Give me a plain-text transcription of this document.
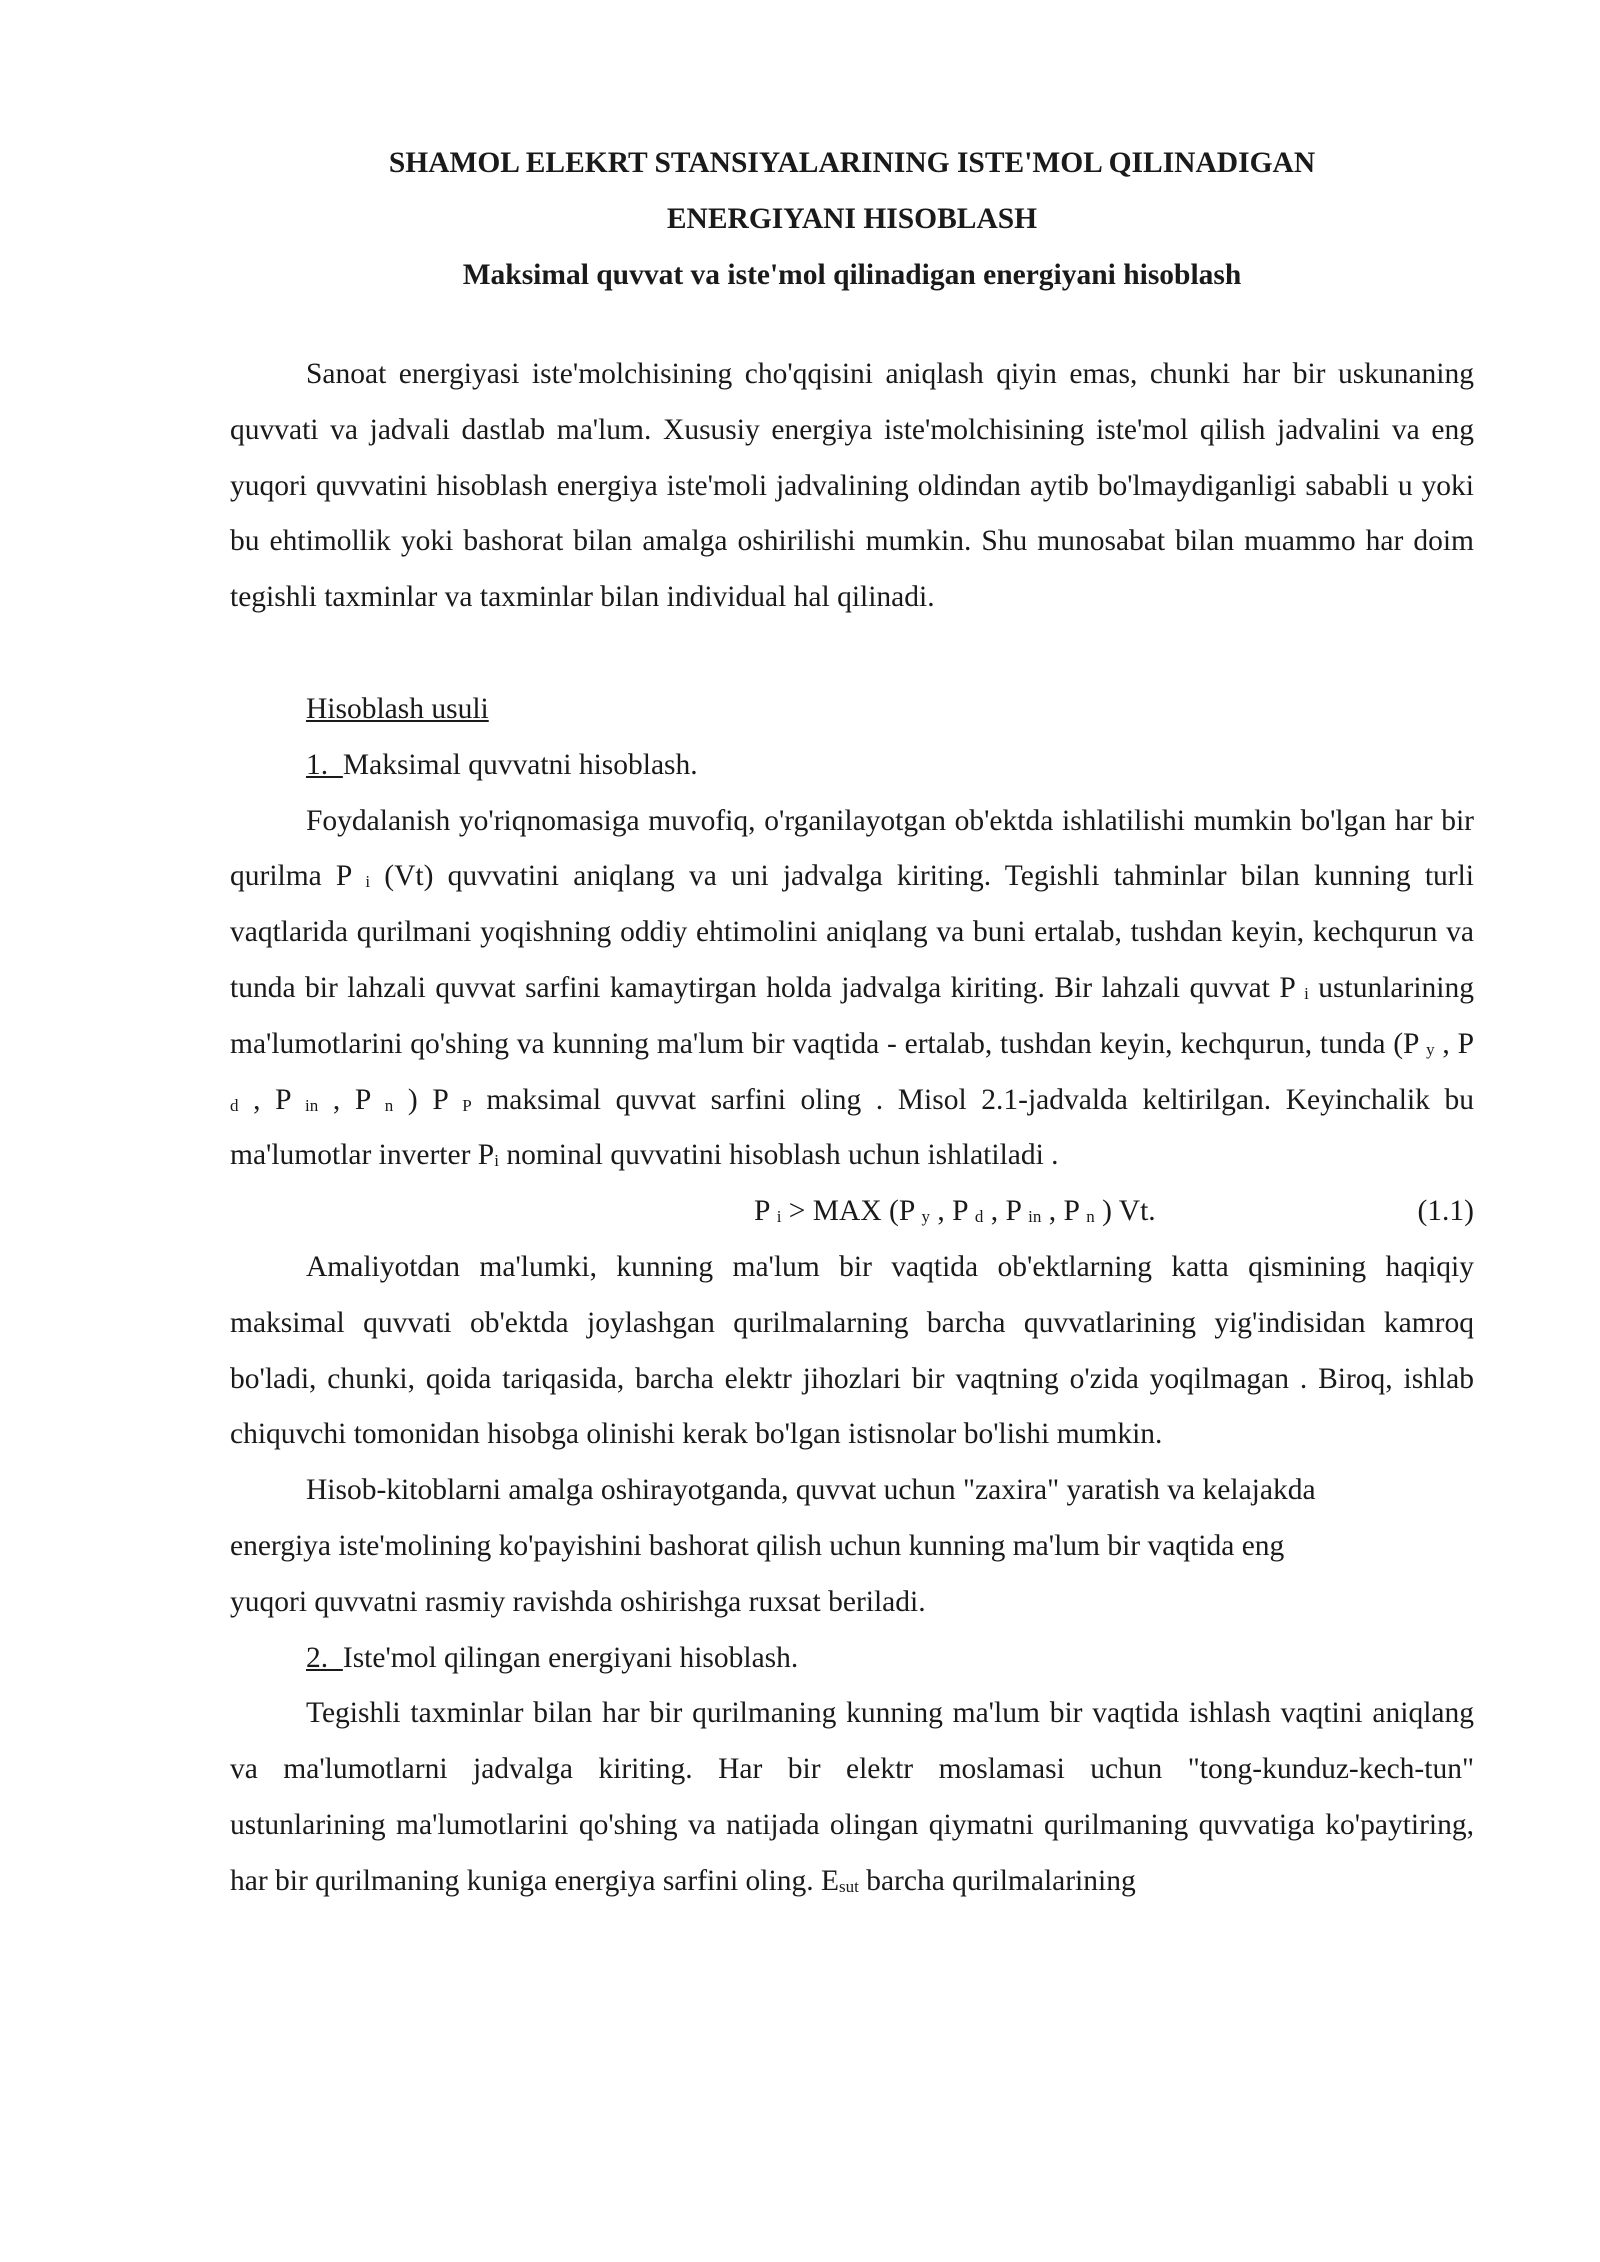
SHAMOL ELEKRT STANSIYALARINING ISTE'MOL QILINADIGAN
ENERGIYANI HISOBLASH
Maksimal quvvat va iste'mol qilinadigan energiyani hisoblash

Sanoat energiyasi iste'molchisining cho'qqisini aniqlash qiyin emas, chunki har bir uskunaning quvvati va jadvali dastlab ma'lum. Xususiy energiya iste'molchisining iste'mol qilish jadvalini va eng yuqori quvvatini hisoblash energiya iste'moli jadvalining oldindan aytib bo'lmaydiganligi sababli u yoki bu ehtimollik yoki bashorat bilan amalga oshirilishi mumkin. Shu munosabat bilan muammo har doim tegishli taxminlar va taxminlar bilan individual hal qilinadi.

Hisoblash usuli

1.  Maksimal quvvatni hisoblash.

Foydalanish yo'riqnomasiga muvofiq, o'rganilayotgan ob'ektda ishlatilishi mumkin bo'lgan har bir qurilma P $_i$ (Vt) quvvatini aniqlang va uni jadvalga kiriting. Tegishli tahminlar bilan kunning turli vaqtlarida qurilmani yoqishning oddiy ehtimolini aniqlang va buni ertalab, tushdan keyin, kechqurun va tunda bir lahzali quvvat sarfini kamaytirgan holda jadvalga kiriting. Bir lahzali quvvat P $_i$ ustunlarining ma'lumotlarini qo'shing va kunning ma'lum bir vaqtida - ertalab, tushdan keyin, kechqurun, tunda (P $_y$ , P $_d$ , P $_{in}$ , P $_n$ ) P $_P$ maksimal quvvat sarfini oling . Misol 2.1-jadvalda keltirilgan. Keyinchalik bu ma'lumotlar inverter $P_i$ nominal quvvatini hisoblash uchun ishlatiladi .

P $_i$ > MAX (P $_y$ , P $_d$ , P $_{in}$ , P $_n$ ) Vt.	(1.1)

Amaliyotdan ma'lumki, kunning ma'lum bir vaqtida ob'ektlarning katta qismining haqiqiy maksimal quvvati ob'ektda joylashgan qurilmalarning barcha quvvatlarining yig'indisidan kamroq bo'ladi, chunki, qoida tariqasida, barcha elektr jihozlari bir vaqtning o'zida yoqilmagan . Biroq, ishlab chiquvchi tomonidan hisobga olinishi kerak bo'lgan istisnolar bo'lishi mumkin.

Hisob-kitoblarni amalga oshirayotganda, quvvat uchun "zaxira" yaratish va kelajakda

energiya iste'molining ko'payishini bashorat qilish uchun kunning ma'lum bir vaqtida eng

yuqori quvvatni rasmiy ravishda oshirishga ruxsat beriladi.

2.  Iste'mol qilingan energiyani hisoblash.

Tegishli taxminlar bilan har bir qurilmaning kunning ma'lum bir vaqtida ishlash vaqtini aniqlang va ma'lumotlarni jadvalga kiriting. Har bir elektr moslamasi uchun "tong-kunduz-kech-tun" ustunlarining ma'lumotlarini qo'shing va natijada olingan qiymatni qurilmaning quvvatiga ko'paytiring, har bir qurilmaning kuniga energiya sarfini oling. $E_{sut}$ barcha qurilmalarining
